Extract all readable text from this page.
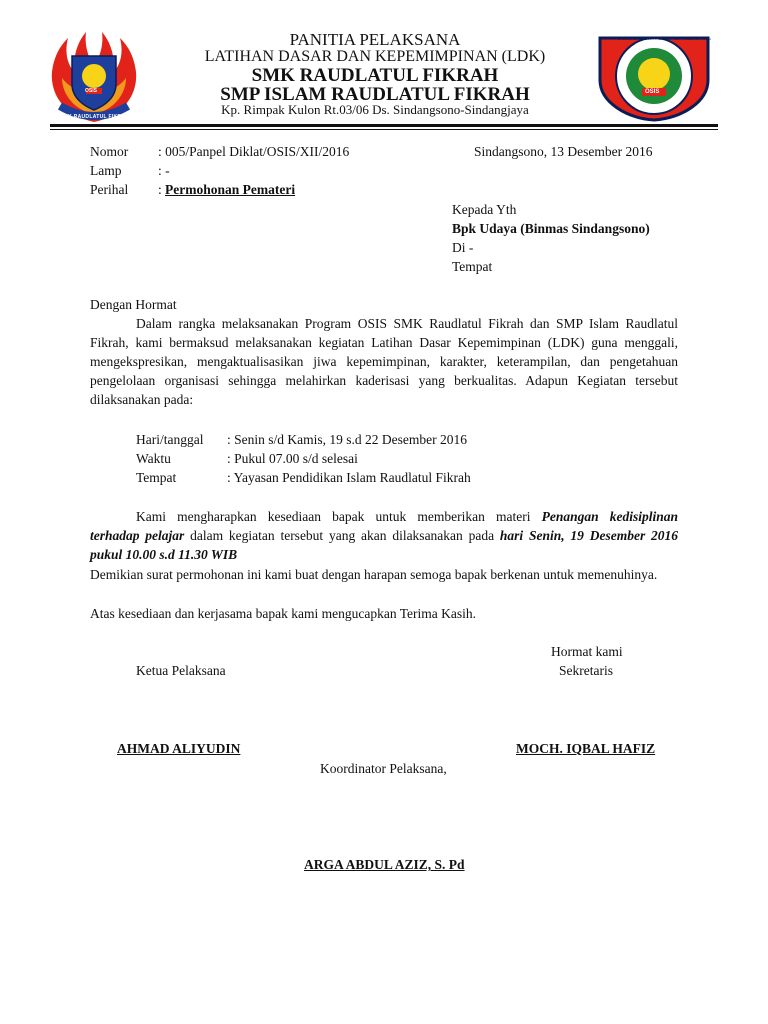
SMK RAUDLATUL FIKRAH
OSIS	OSIS
ORGANISASI SISWA INTRA SEKOLAH · SMP RAUDLATUL FIKRAH
PANITIA PELAKSANA
LATIHAN DASAR DAN KEPEMIMPINAN (LDK)
SMK RAUDLATUL FIKRAH
SMP ISLAM RAUDLATUL FIKRAH
Kp. Rimpak Kulon Rt.03/06 Ds. Sindangsono-Sindangjaya
Nomor : 005/Panpel Diklat/OSIS/XII/2016	Sindangsono, 13 Desember 2016
Lamp	: -
Perihal : Permohonan Pemateri
Kepada Yth
Bpk Udaya (Binmas Sindangsono)
Di -
Tempat
Dengan Hormat
Dalam rangka melaksanakan Program OSIS SMK Raudlatul Fikrah dan SMP Islam Raudlatul
Fikrah, kami bermaksud melaksanakan kegiatan Latihan Dasar Kepemimpinan (LDK) guna menggali,
mengekspresikan, mengaktualisasikan jiwa kepemimpinan, karakter, keterampilan, dan pengetahuan
pengelolaan organisasi sehingga melahirkan kaderisasi yang berkualitas. Adapun Kegiatan tersebut
dilaksanakan pada:
Hari/tanggal : Senin s/d Kamis, 19 s.d 22 Desember 2016
Waktu	: Pukul 07.00 s/d selesai
Tempat	: Yayasan Pendidikan Islam Raudlatul Fikrah
Kami mengharapkan kesediaan bapak untuk memberikan materi Penangan kedisiplinan
terhadap pelajar dalam kegiatan tersebut yang akan dilaksanakan pada hari Senin, 19 Desember 2016
pukul 10.00 s.d 11.30 WIB
Demikian surat permohonan ini kami buat dengan harapan semoga bapak berkenan untuk memenuhinya.
Atas kesediaan dan kerjasama bapak kami mengucapkan Terima Kasih.
Hormat kami
Ketua Pelaksana	Sekretaris
AHMAD ALIYUDIN	MOCH. IQBAL HAFIZ
Koordinator Pelaksana,
ARGA ABDUL AZIZ, S. Pd
